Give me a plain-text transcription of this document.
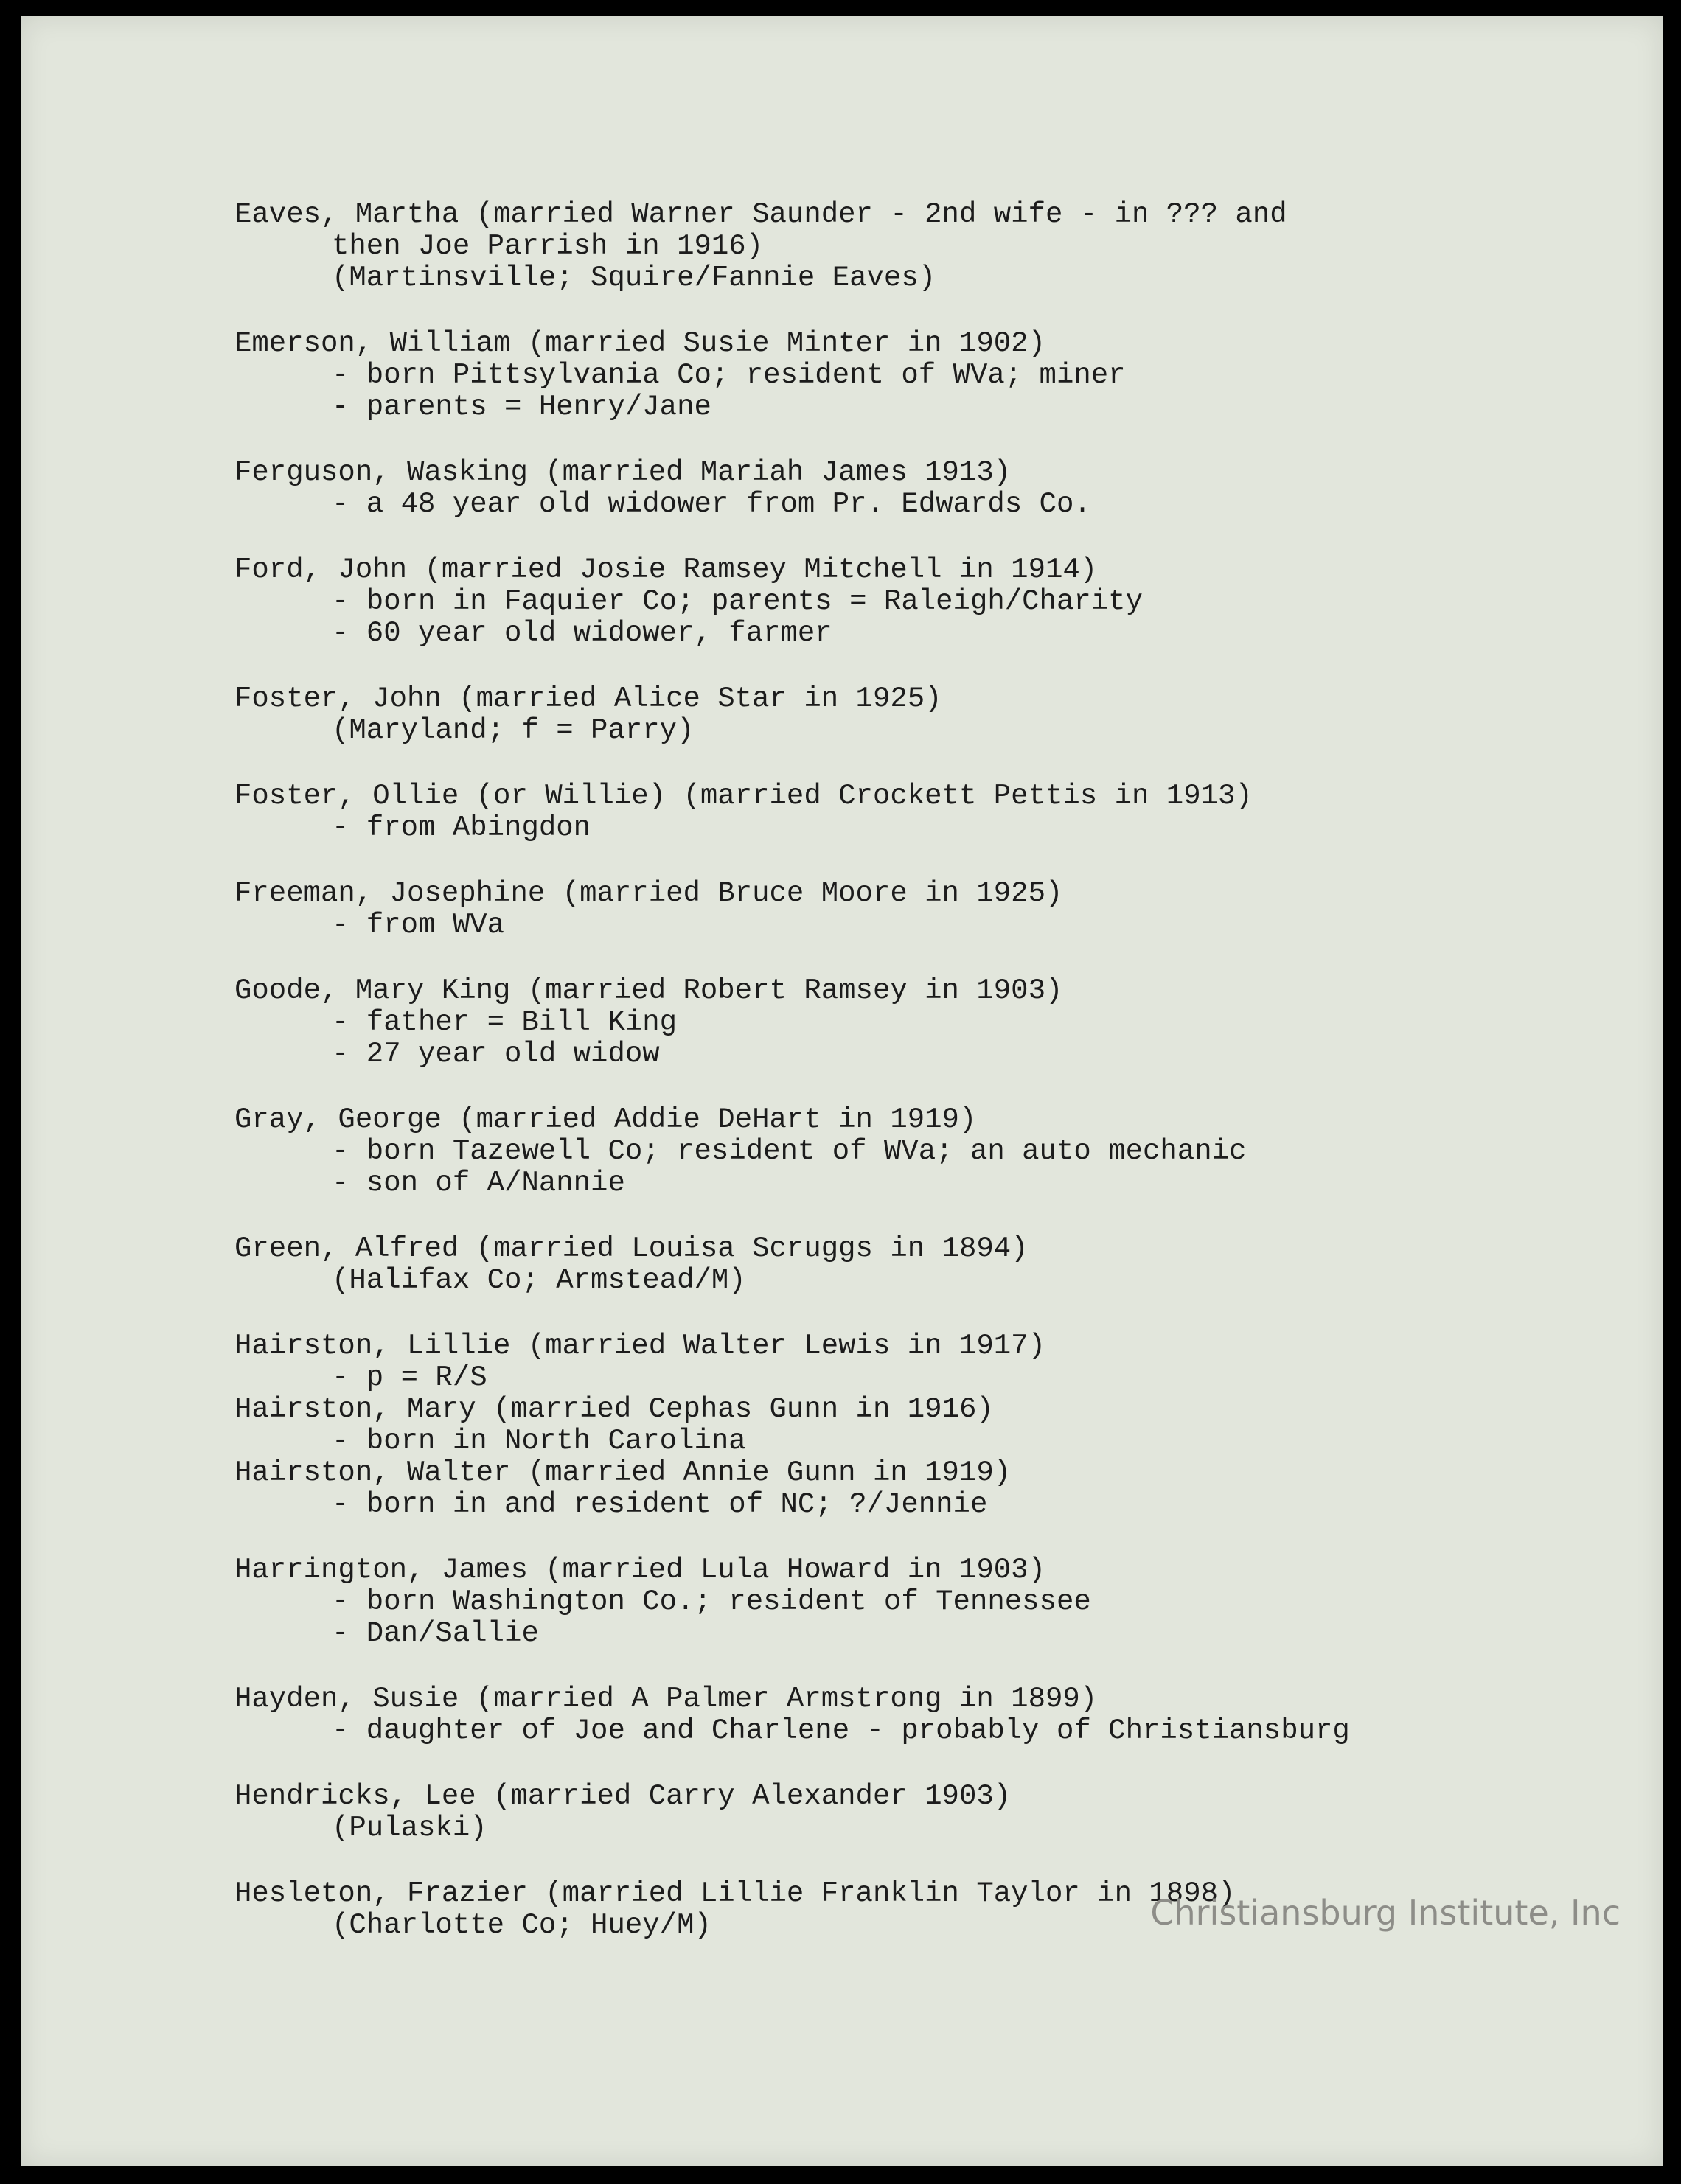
Eaves, Martha (married Warner Saunder - 2nd wife - in ??? and
then Joe Parrish in 1916)
(Martinsville; Squire/Fannie Eaves)
Emerson, William (married Susie Minter in 1902)
- born Pittsylvania Co; resident of WVa; miner
- parents = Henry/Jane
Ferguson, Wasking (married Mariah James 1913)
- a 48 year old widower from Pr. Edwards Co.
Ford, John (married Josie Ramsey Mitchell in 1914)
- born in Faquier Co; parents = Raleigh/Charity
- 60 year old widower, farmer
Foster, John (married Alice Star in 1925)
(Maryland; f = Parry)
Foster, Ollie (or Willie) (married Crockett Pettis in 1913)
- from Abingdon
Freeman, Josephine (married Bruce Moore in 1925)
- from WVa
Goode, Mary King (married Robert Ramsey in 1903)
- father = Bill King
- 27 year old widow
Gray, George (married Addie DeHart in 1919)
- born Tazewell Co; resident of WVa; an auto mechanic
- son of A/Nannie
Green, Alfred (married Louisa Scruggs in 1894)
(Halifax Co; Armstead/M)
Hairston, Lillie (married Walter Lewis in 1917)
- p = R/S
Hairston, Mary (married Cephas Gunn in 1916)
- born in North Carolina
Hairston, Walter (married Annie Gunn in 1919)
- born in and resident of NC; ?/Jennie
Harrington, James (married Lula Howard in 1903)
- born Washington Co.; resident of Tennessee
- Dan/Sallie
Hayden, Susie (married A Palmer Armstrong in 1899)
- daughter of Joe and Charlene - probably of Christiansburg
Hendricks, Lee (married Carry Alexander 1903)
(Pulaski)
Hesleton, Frazier (married Lillie Franklin Taylor in 1898)
(Charlotte Co; Huey/M)	Christiansburg Institute, Inc
